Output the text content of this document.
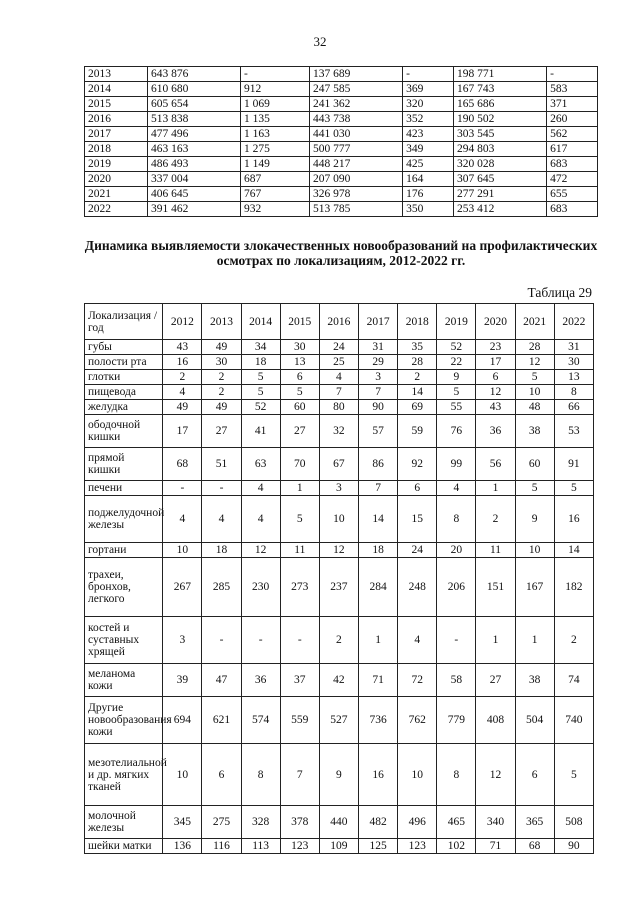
32
2013	643 876	-	137 689	-	198 771	-
2014	610 680	912	247 585	369	167 743	583
2015	605 654	1 069	241 362	320	165 686	371
2016	513 838	1 135	443 738	352	190 502	260
2017	477 496	1 163	441 030	423	303 545	562
2018	463 163	1 275	500 777	349	294 803	617
2019	486 493	1 149	448 217	425	320 028	683
2020	337 004	687	207 090	164	307 645	472
2021	406 645	767	326 978	176	277 291	655
2022	391 462	932	513 785	350	253 412	683
Динамика выявляемости злокачественных новообразований на профилактических осмотрах по локализациям, 2012-2022 гг.
Таблица 29
Локализация / год	2012	2013	2014	2015	2016	2017	2018	2019	2020	2021	2022
губы	43	49	34	30	24	31	35	52	23	28	31
полости рта	16	30	18	13	25	29	28	22	17	12	30
глотки	2	2	5	6	4	3	2	9	6	5	13
пищевода	4	2	5	5	7	7	14	5	12	10	8
желудка	49	49	52	60	80	90	69	55	43	48	66
ободочной кишки	17	27	41	27	32	57	59	76	36	38	53
прямой кишки	68	51	63	70	67	86	92	99	56	60	91
печени	-	-	4	1	3	7	6	4	1	5	5
поджелудочной железы	4	4	4	5	10	14	15	8	2	9	16
гортани	10	18	12	11	12	18	24	20	11	10	14
трахеи, бронхов, легкого	267	285	230	273	237	284	248	206	151	167	182
костей и суставных хрящей	3	-	-	-	2	1	4	-	1	1	2
меланома кожи	39	47	36	37	42	71	72	58	27	38	74
Другие новообразования кожи	694	621	574	559	527	736	762	779	408	504	740
мезотелиальной и др. мягких тканей	10	6	8	7	9	16	10	8	12	6	5
молочной железы	345	275	328	378	440	482	496	465	340	365	508
шейки матки	136	116	113	123	109	125	123	102	71	68	90
